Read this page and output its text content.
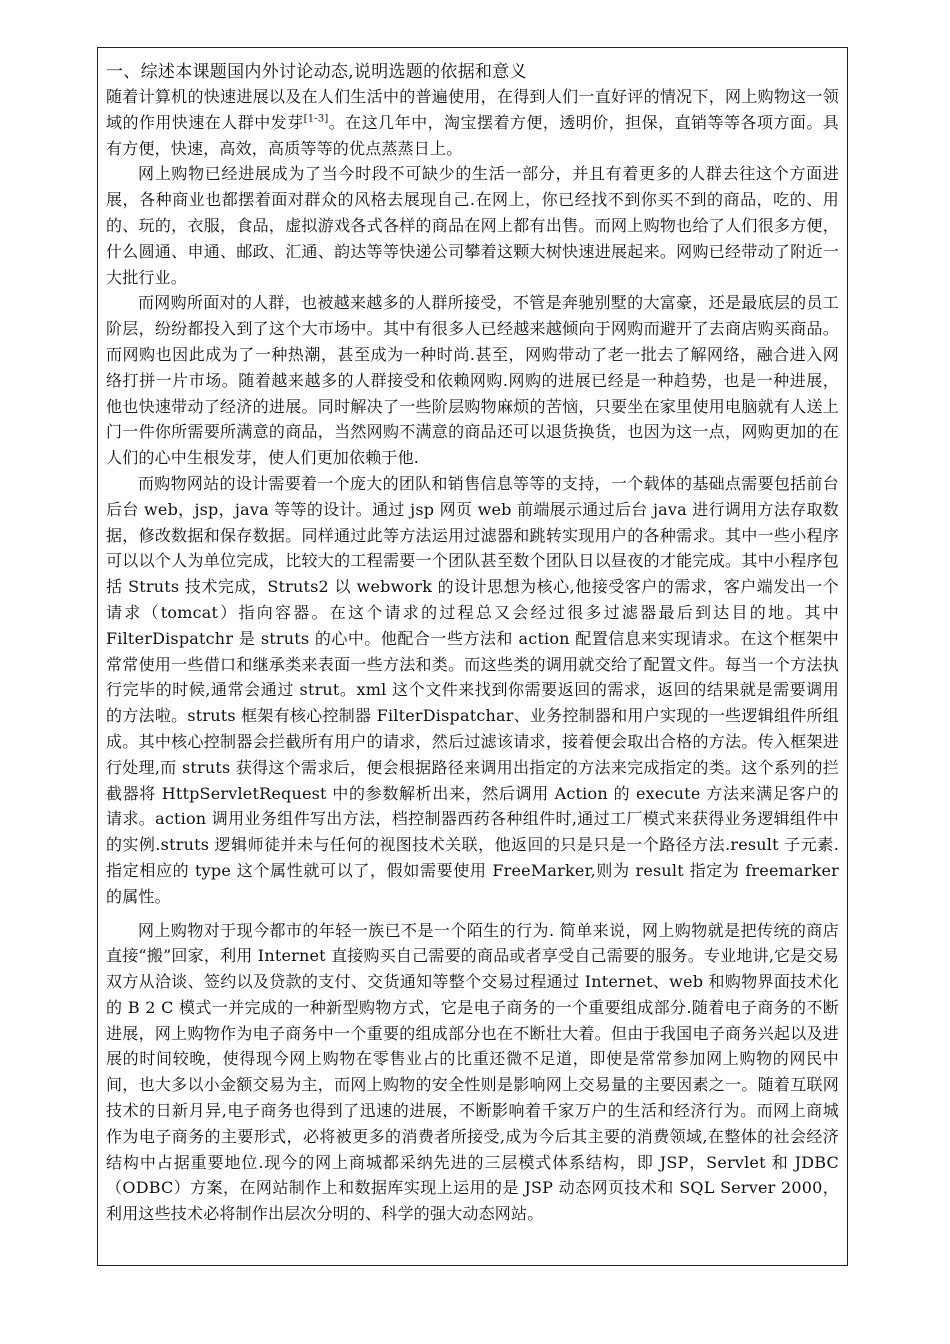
一、综述本课题国内外讨论动态,说明选题的依据和意义

随着计算机的快速进展以及在人们生活中的普遍使用，在得到人们一直好评的情况下，网上购物这一领域的作用快速在人群中发芽[1-3]。在这几年中，淘宝摆着方便，透明价，担保，直销等等各项方面。具有方便，快速，高效，高质等等的优点蒸蒸日上。

网上购物已经进展成为了当今时段不可缺少的生活一部分，并且有着更多的人群去往这个方面进展，各种商业也都摆着面对群众的风格去展现自己.在网上，你已经找不到你买不到的商品，吃的、用的、玩的，衣服，食品，虚拟游戏各式各样的商品在网上都有出售。而网上购物也给了人们很多方便，什么圆通、申通、邮政、汇通、韵达等等快递公司攀着这颗大树快速进展起来。网购已经带动了附近一大批行业。

而网购所面对的人群，也被越来越多的人群所接受，不管是奔驰别墅的大富豪，还是最底层的员工阶层，纷纷都投入到了这个大市场中。其中有很多人已经越来越倾向于网购而避开了去商店购买商品。而网购也因此成为了一种热潮，甚至成为一种时尚.甚至，网购带动了老一批去了解网络，融合进入网络打拼一片市场。随着越来越多的人群接受和依赖网购.网购的进展已经是一种趋势，也是一种进展，他也快速带动了经济的进展。同时解决了一些阶层购物麻烦的苦恼，只要坐在家里使用电脑就有人送上门一件你所需要所满意的商品，当然网购不满意的商品还可以退货换货，也因为这一点，网购更加的在人们的心中生根发芽，使人们更加依赖于他.

而购物网站的设计需要着一个庞大的团队和销售信息等等的支持，一个载体的基础点需要包括前台后台 web，jsp，java 等等的设计。通过 jsp 网页 web 前端展示通过后台 java 进行调用方法存取数据，修改数据和保存数据。同样通过此等方法运用过滤器和跳转实现用户的各种需求。其中一些小程序可以以个人为单位完成，比较大的工程需要一个团队甚至数个团队日以昼夜的才能完成。其中小程序包括 Struts 技术完成，Struts2 以 webwork 的设计思想为核心,他接受客户的需求，客户端发出一个请求（tomcat）指向容器。在这个请求的过程总又会经过很多过滤器最后到达目的地。其中 FilterDispatchr 是 struts 的心中。他配合一些方法和 action 配置信息来实现请求。在这个框架中常常使用一些借口和继承类来表面一些方法和类。而这些类的调用就交给了配置文件。每当一个方法执行完毕的时候,通常会通过 strut。xml 这个文件来找到你需要返回的需求，返回的结果就是需要调用的方法啦。struts 框架有核心控制器 FilterDispatchar、业务控制器和用户实现的一些逻辑组件所组成。其中核心控制器会拦截所有用户的请求，然后过滤该请求，接着便会取出合格的方法。传入框架进行处理,而 struts 获得这个需求后，便会根据路径来调用出指定的方法来完成指定的类。这个系列的拦截器将 HttpServletRequest 中的参数解析出来，然后调用 Action 的 execute 方法来满足客户的请求。action 调用业务组件写出方法，档控制器西药各种组件时,通过工厂模式来获得业务逻辑组件中的实例.struts 逻辑师徒并未与任何的视图技术关联，他返回的只是只是一个路径方法.result 子元素.指定相应的 type 这个属性就可以了，假如需要使用 FreeMarker,则为 result 指定为 freemarker 的属性。

网上购物对于现今都市的年轻一族已不是一个陌生的行为. 简单来说，网上购物就是把传统的商店直接“搬”回家，利用 Internet 直接购买自己需要的商品或者享受自己需要的服务。专业地讲,它是交易双方从洽谈、签约以及贷款的支付、交货通知等整个交易过程通过 Internet、web 和购物界面技术化的 B 2 C 模式一并完成的一种新型购物方式，它是电子商务的一个重要组成部分.随着电子商务的不断进展，网上购物作为电子商务中一个重要的组成部分也在不断壮大着。但由于我国电子商务兴起以及进展的时间较晚，使得现今网上购物在零售业占的比重还微不足道，即使是常常参加网上购物的网民中间，也大多以小金额交易为主，而网上购物的安全性则是影响网上交易量的主要因素之一。随着互联网技术的日新月异,电子商务也得到了迅速的进展，不断影响着千家万户的生活和经济行为。而网上商城作为电子商务的主要形式，必将被更多的消费者所接受,成为今后其主要的消费领域,在整体的社会经济结构中占据重要地位.现今的网上商城都采纳先进的三层模式体系结构，即 JSP，Servlet 和 JDBC（ODBC）方案，在网站制作上和数据库实现上运用的是 JSP 动态网页技术和 SQL Server 2000，利用这些技术必将制作出层次分明的、科学的强大动态网站。
